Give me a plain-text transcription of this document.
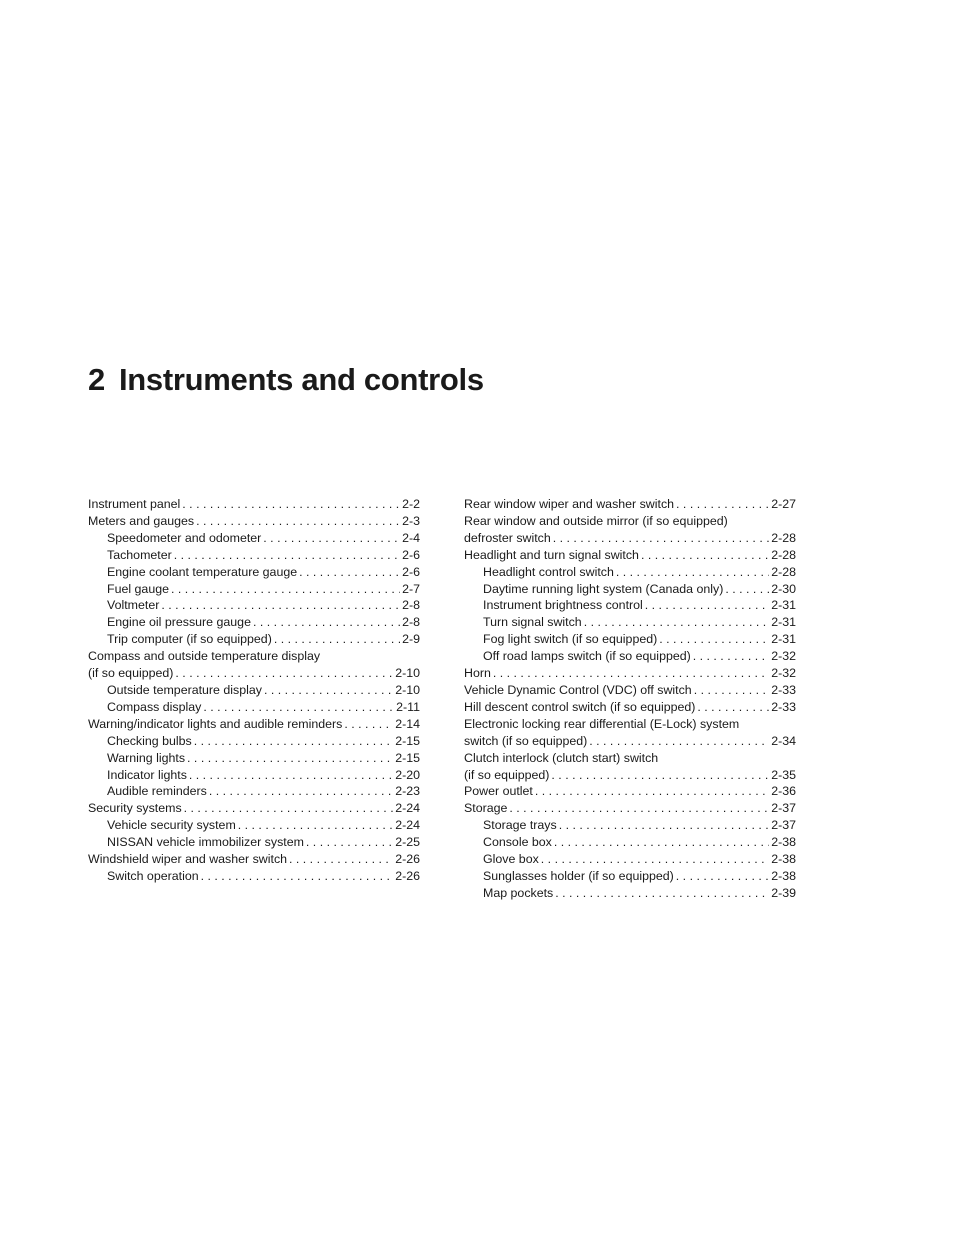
2 Instruments and controls
Instrument panel . . .	2-2
Meters and gauges . . .	2-3
Speedometer and odometer . . .	2-4
Tachometer . . .	2-6
Engine coolant temperature gauge . . .	2-6
Fuel gauge . . .	2-7
Voltmeter . . .	2-8
Engine oil pressure gauge . . .	2-8
Trip computer (if so equipped) . . .	2-9
Compass and outside temperature display
(if so equipped) . . .	2-10
Outside temperature display . . .	2-10
Compass display . . .	2-11
Warning/indicator lights and audible reminders . . .	2-14
Checking bulbs . . .	2-15
Warning lights . . .	2-15
Indicator lights . . .	2-20
Audible reminders . . .	2-23
Security systems . . .	2-24
Vehicle security system . . .	2-24
NISSAN vehicle immobilizer system . . .	2-25
Windshield wiper and washer switch . . .	2-26
Switch operation . . .	2-26
Rear window wiper and washer switch . . .	2-27
Rear window and outside mirror (if so equipped)
defroster switch . . .	2-28
Headlight and turn signal switch . . .	2-28
Headlight control switch . . .	2-28
Daytime running light system (Canada only) . . .	2-30
Instrument brightness control . . .	2-31
Turn signal switch . . .	2-31
Fog light switch (if so equipped) . . .	2-31
Off road lamps switch (if so equipped) . . .	2-32
Horn . . .	2-32
Vehicle Dynamic Control (VDC) off switch . . .	2-33
Hill descent control switch (if so equipped) . . .	2-33
Electronic locking rear differential (E-Lock) system
switch (if so equipped) . . .	2-34
Clutch interlock (clutch start) switch
(if so equipped) . . .	2-35
Power outlet . . .	2-36
Storage . . .	2-37
Storage trays . . .	2-37
Console box . . .	2-38
Glove box . . .	2-38
Sunglasses holder (if so equipped) . . .	2-38
Map pockets . . .	2-39
